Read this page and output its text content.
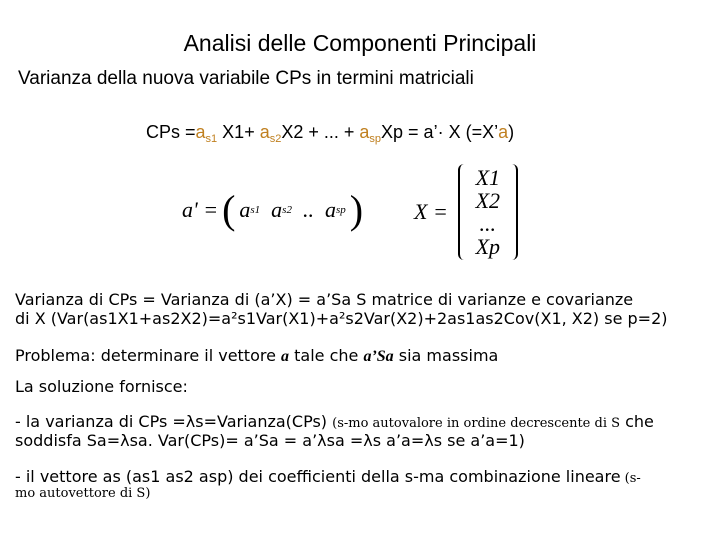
Analisi delle Componenti Principali
Varianza della nuova variabile CPs in termini matriciali
CPs $=a_{s1}$ $X1+ a_{s2}X2$ + ... + $a_{sp}Xp$ = a’· X (=X’a)
a' = ( a s1
a s2
..
a sp ) X =
X1
X2
...
Xp
Varianza di CPs = Varianza di (a’X) = a’Sa S matrice di varianze e covarianze
di X (Var(as1X1+as2X2)=a²s1Var(X1)+a²s2Var(X2)+2as1as2Cov(X1, X2) se p=2)
Problema: determinare il vettore a tale che a’Sa sia massima
La soluzione fornisce:
- la varianza di CPs =λs=Varianza(CPs) (s-mo autovalore in ordine decrescente di S che
soddisfa Sa=λsa. Var(CPs)= a’Sa = a’λsa =λs a’a=λs se a’a=1)
- il vettore as (as1 as2 asp) dei coefficienti della s-ma combinazione lineare (s-
mo autovettore di S)
